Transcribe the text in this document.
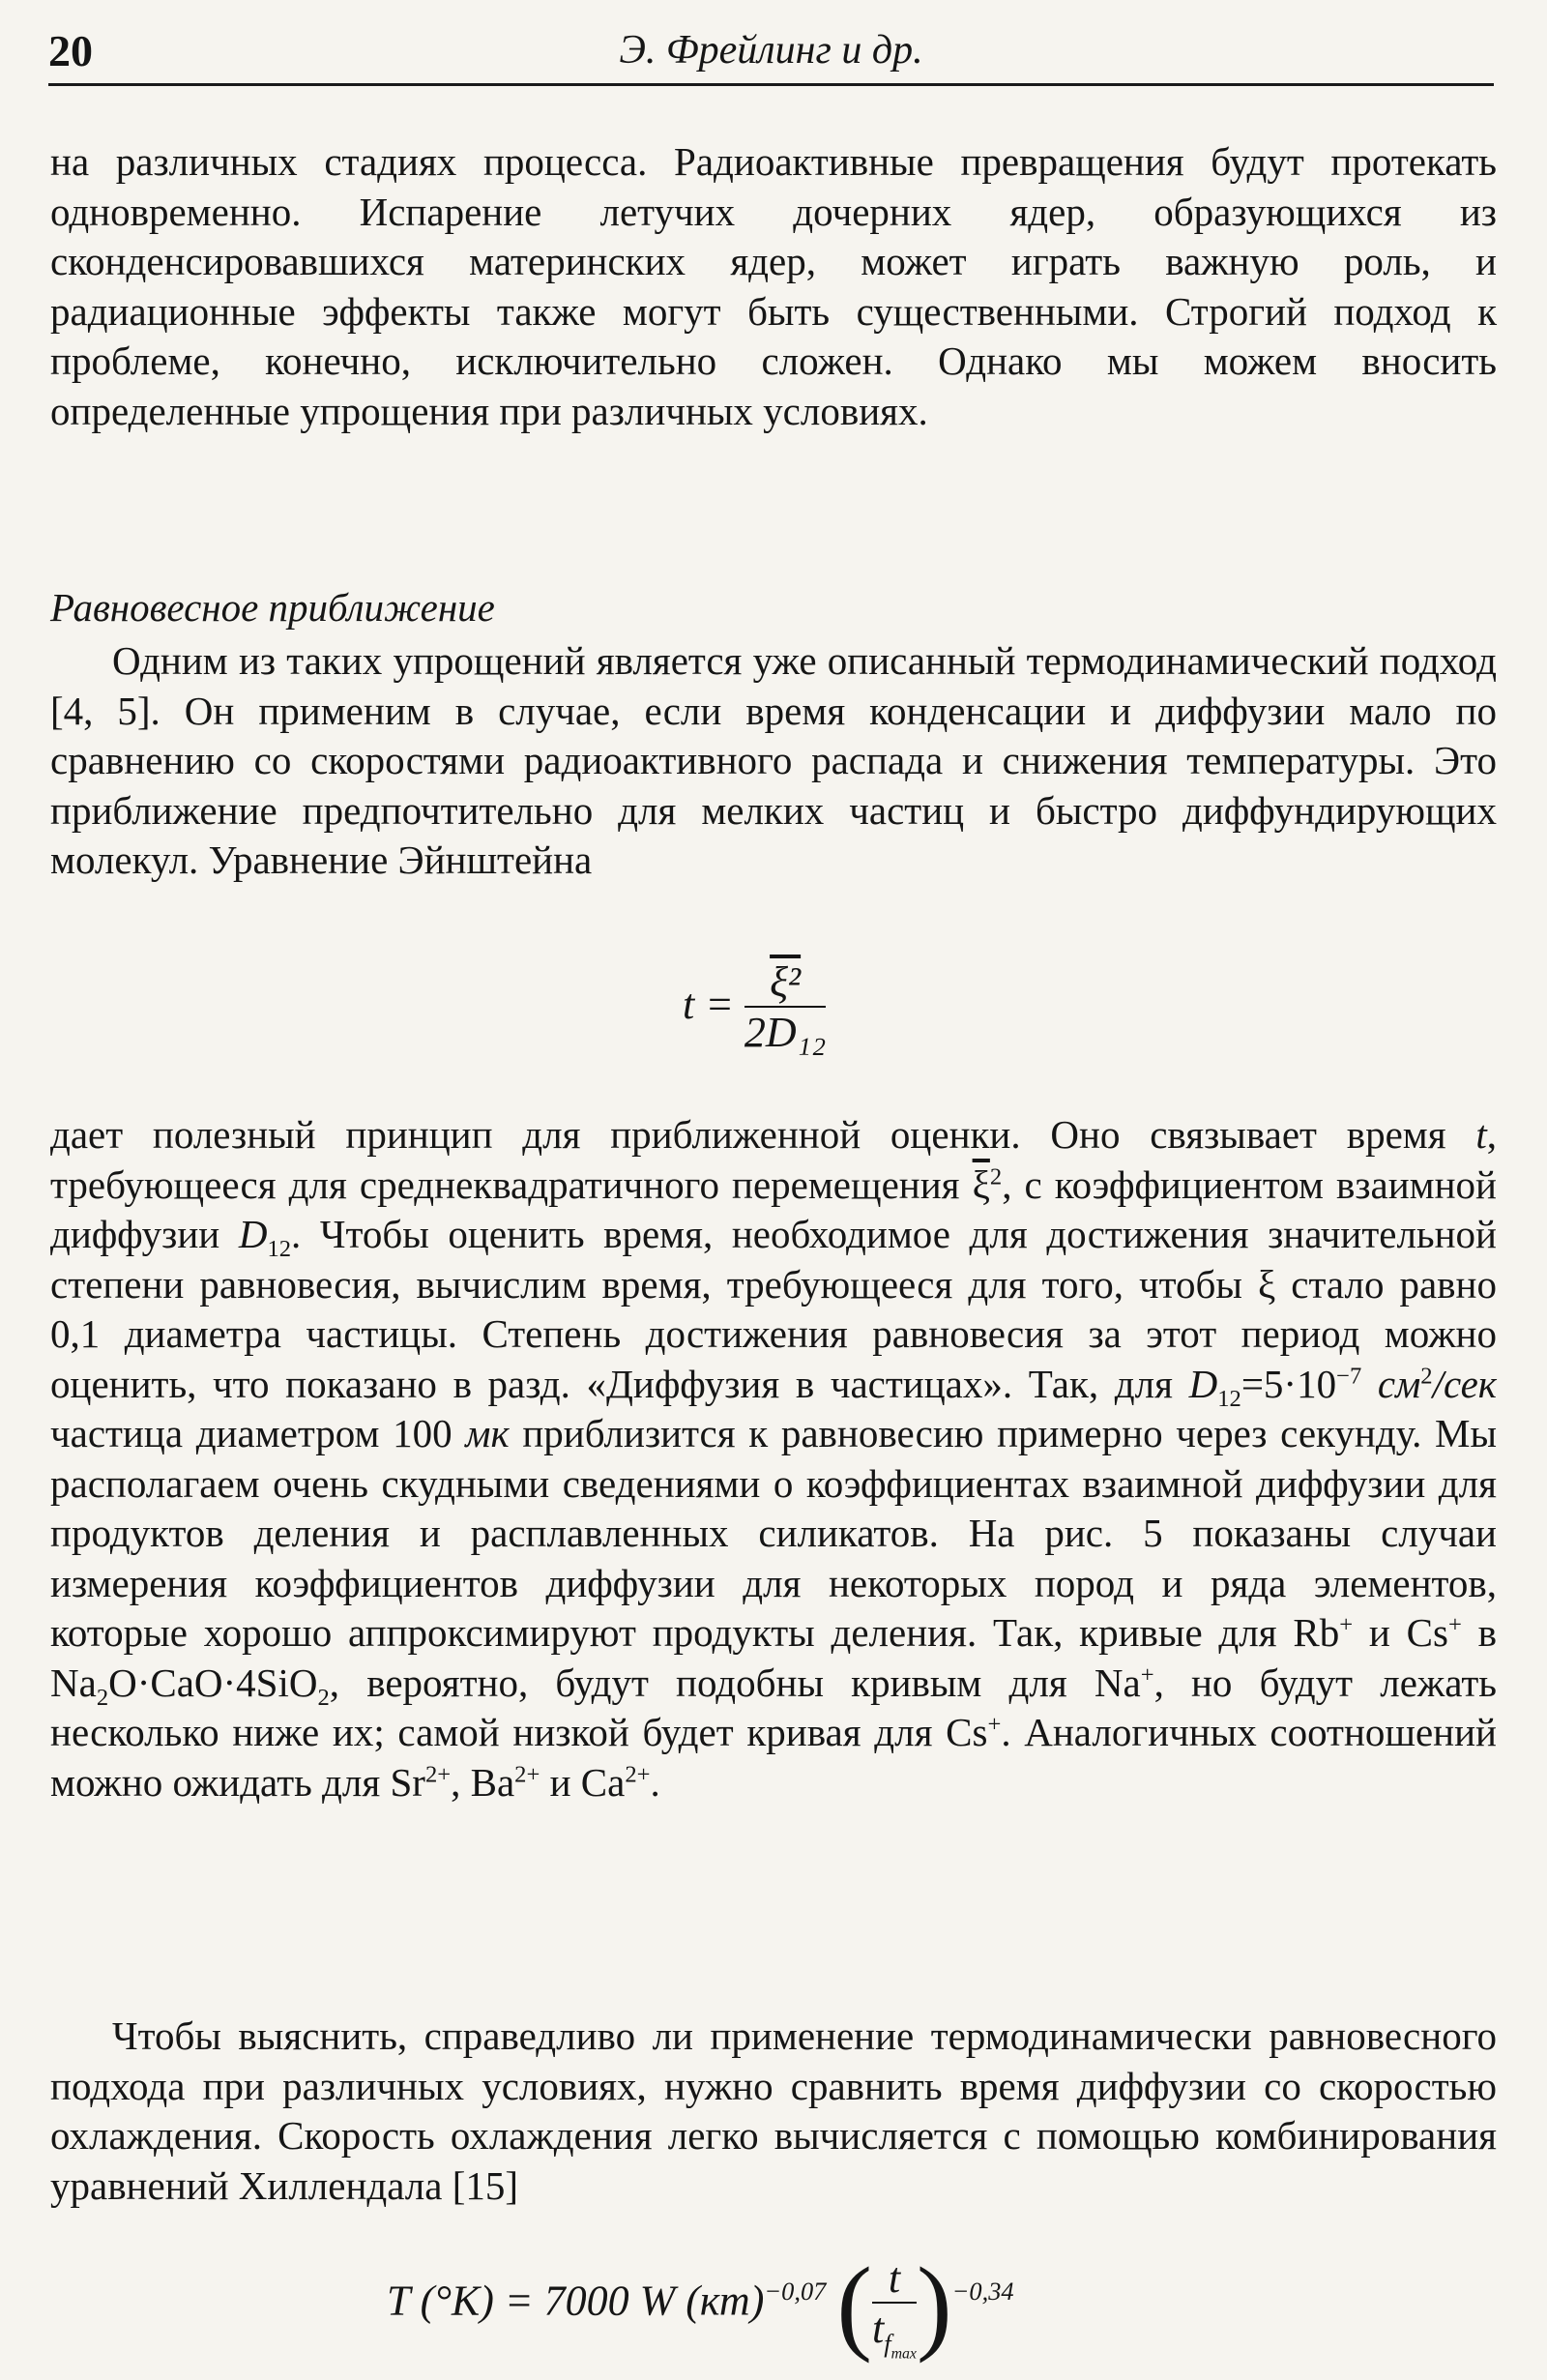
20	Э. Фрейлинг и др.

на различных стадиях процесса. Радиоактивные превращения будут протекать одновременно. Испарение летучих дочерних ядер, образующихся из сконденсировавшихся материнских ядер, может играть важную роль, и радиационные эффекты также могут быть существенными. Строгий подход к проблеме, конечно, исключительно сложен. Однако мы можем вносить определенные упрощения при различных условиях.

Равновесное приближение

Одним из таких упрощений является уже описанный термодинамический подход [4, 5]. Он применим в случае, если время конденсации и диффузии мало по сравнению со скоростями радиоактивного распада и снижения температуры. Это приближение предпочтительно для мелких частиц и быстро диффундирующих молекул. Уравнение Эйнштейна

$t = \frac{\text{ξ²}}{\text{2D₁₂}}$

дает полезный принцип для приближенной оценки. Оно связывает время t, требующееся для среднеквадратичного перемещения $\overline{\xi}^2$, с коэффициентом взаимной диффузии $D_{12}$. Чтобы оценить время, необходимое для достижения значительной степени равновесия, вычислим время, требующееся для того, чтобы ξ стало равно 0,1 диаметра частицы. Степень достижения равновесия за этот период можно оценить, что показано в разд. «Диффузия в частицах». Так, для $D_{12}=5\cdot 10^{-7}$ $см^2$/сек частица диаметром 100 мк приблизится к равновесию примерно через секунду. Мы располагаем очень скудными сведениями о коэффициентах взаимной диффузии для продуктов деления и расплавленных силикатов. На рис. 5 показаны случаи измерения коэффициентов диффузии для некоторых пород и ряда элементов, которые хорошо аппроксимируют продукты деления. Так, кривые для Rb+ и Cs+ в $Na_2O\cdot CaO\cdot 4SiO_2$, вероятно, будут подобны кривым для Na+, но будут лежать несколько ниже их; самой низкой будет кривая для Cs+. Аналогичных соотношений можно ожидать для $Sr^{2+}$, $Ba^{2+}$ и $Ca^{2+}$.

Чтобы выяснить, справедливо ли применение термодинамически равновесного подхода при различных условиях, нужно сравнить время диффузии со скоростью охлаждения. Скорость охлаждения легко вычисляется с помощью комбинирования уравнений Хиллендала [15]

T (°K) = 7000 W (кт)$^{-0,07}$ ( $\frac{t}{t_{f_{max}}} )^{-0,34}$
